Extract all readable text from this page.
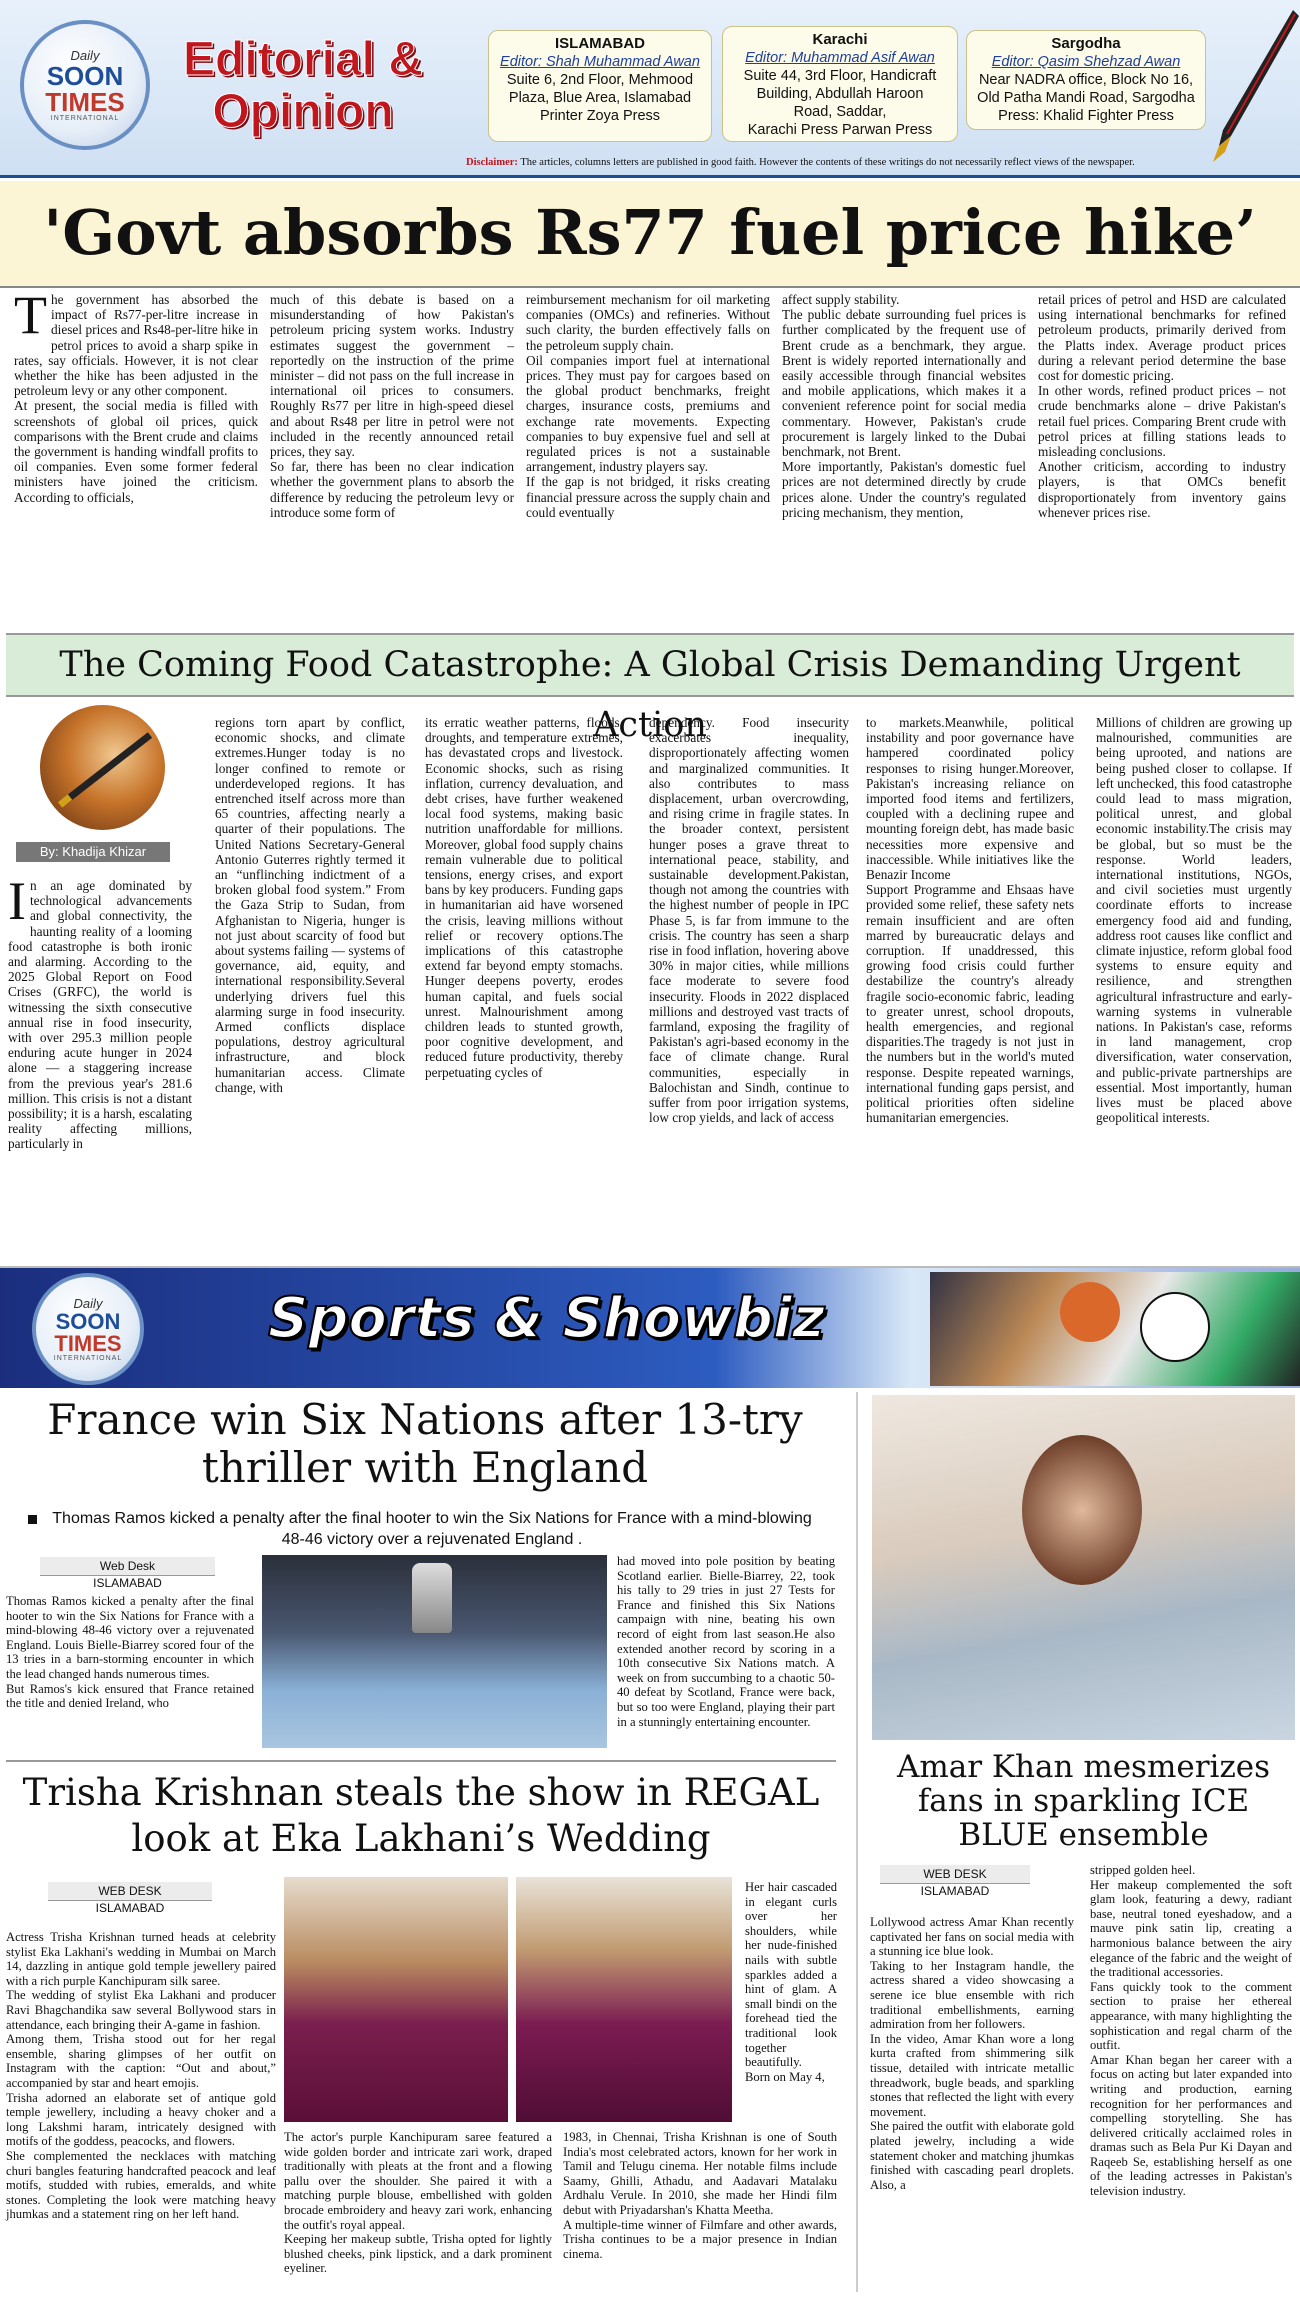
Daily
SOON
TIMES
INTERNATIONAL
Editorial &
Opinion
ISLAMABAD
Editor: Shah Muhammad Awan
Suite 6, 2nd Floor, Mehmood
Plaza, Blue Area, Islamabad
Printer Zoya Press
Karachi
Editor: Muhammad Asif Awan
Suite 44, 3rd Floor, Handicraft
Building, Abdullah Haroon
Road, Saddar,
Karachi Press Parwan Press
Sargodha
Editor: Qasim Shehzad Awan
Near NADRA office, Block No 16,
Old Patha Mandi Road, Sargodha
Press: Khalid Fighter Press
Disclaimer: The articles, columns letters are published in good faith. However the contents of these writings do not necessarily reflect views of the newspaper.
'Govt absorbs Rs77 fuel price hike’

The government has absorbed the impact of Rs77-per-litre increase in diesel prices and Rs48-per-litre hike in petrol prices to avoid a sharp spike in rates, say officials. However, it is not clear whether the hike has been adjusted in the petroleum levy or any other component.

At present, the social media is filled with screenshots of global oil prices, quick comparisons with the Brent crude and claims the government is handing windfall profits to oil companies. Even some former federal ministers have joined the criticism. According to officials,

much of this debate is based on a misunderstanding of how Pakistan's petroleum pricing system works. Industry estimates suggest the government – reportedly on the instruction of the prime minister – did not pass on the full increase in international oil prices to consumers. Roughly Rs77 per litre in high-speed diesel and about Rs48 per litre in petrol were not included in the recently announced retail prices, they say.

So far, there has been no clear indication whether the government plans to absorb the difference by reducing the petroleum levy or introduce some form of

reimbursement mechanism for oil marketing companies (OMCs) and refineries. Without such clarity, the burden effectively falls on the petroleum supply chain.

Oil companies import fuel at international prices. They must pay for cargoes based on the global product benchmarks, freight charges, insurance costs, premiums and exchange rate movements. Expecting companies to buy expensive fuel and sell at regulated prices is not a sustainable arrangement, industry players say.

If the gap is not bridged, it risks creating financial pressure across the supply chain and could eventually

affect supply stability.

The public debate surrounding fuel prices is further complicated by the frequent use of Brent crude as a benchmark, they argue. Brent is widely reported internationally and easily accessible through financial websites and mobile applications, which makes it a convenient reference point for social media commentary. However, Pakistan's crude procurement is largely linked to the Dubai benchmark, not Brent.

More importantly, Pakistan's domestic fuel prices are not determined directly by crude prices alone. Under the country's regulated pricing mechanism, they mention,

retail prices of petrol and HSD are calculated using international benchmarks for refined petroleum products, primarily derived from the Platts index. Average product prices during a relevant period determine the base cost for domestic pricing.

In other words, refined product prices – not crude benchmarks alone – drive Pakistan's retail fuel prices. Comparing Brent crude with petrol prices at filling stations leads to misleading conclusions.

Another criticism, according to industry players, is that OMCs benefit disproportionately from inventory gains whenever prices rise.

The Coming Food Catastrophe: A Global Crisis Demanding Urgent Action
By: Khadija Khizar

In an age dominated by technological advancements and global connectivity, the haunting reality of a looming food catastrophe is both ironic and alarming. According to the 2025 Global Report on Food Crises (GRFC), the world is witnessing the sixth consecutive annual rise in food insecurity, with over 295.3 million people enduring acute hunger in 2024 alone — a staggering increase from the previous year's 281.6 million. This crisis is not a distant possibility; it is a harsh, escalating reality affecting millions, particularly in

regions torn apart by conflict, economic shocks, and climate extremes.Hunger today is no longer confined to remote or underdeveloped regions. It has entrenched itself across more than 65 countries, affecting nearly a quarter of their populations. The United Nations Secretary-General Antonio Guterres rightly termed it an “unflinching indictment of a broken global food system.” From the Gaza Strip to Sudan, from Afghanistan to Nigeria, hunger is not just about scarcity of food but about systems failing — systems of governance, aid, equity, and international responsibility.Several underlying drivers fuel this alarming surge in food insecurity. Armed conflicts displace populations, destroy agricultural infrastructure, and block humanitarian access. Climate change, with

its erratic weather patterns, floods, droughts, and temperature extremes, has devastated crops and livestock. Economic shocks, such as rising inflation, currency devaluation, and debt crises, have further weakened local food systems, making basic nutrition unaffordable for millions. Moreover, global food supply chains remain vulnerable due to political tensions, energy crises, and export bans by key producers. Funding gaps in humanitarian aid have worsened the crisis, leaving millions without relief or recovery options.The implications of this catastrophe extend far beyond empty stomachs. Hunger deepens poverty, erodes human capital, and fuels social unrest. Malnourishment among children leads to stunted growth, poor cognitive development, and reduced future productivity, thereby perpetuating cycles of

dependency. Food insecurity exacerbates inequality, disproportionately affecting women and marginalized communities. It also contributes to mass displacement, urban overcrowding, and rising crime in fragile states. In the broader context, persistent hunger poses a grave threat to international peace, stability, and sustainable development.Pakistan, though not among the countries with the highest number of people in IPC Phase 5, is far from immune to the crisis. The country has seen a sharp rise in food inflation, hovering above 30% in major cities, while millions face moderate to severe food insecurity. Floods in 2022 displaced millions and destroyed vast tracts of farmland, exposing the fragility of Pakistan's agri-based economy in the face of climate change. Rural communities, especially in Balochistan and Sindh, continue to suffer from poor irrigation systems, low crop yields, and lack of access

to markets.Meanwhile, political instability and poor governance have hampered coordinated policy responses to rising hunger.Moreover, Pakistan's increasing reliance on imported food items and fertilizers, coupled with a declining rupee and mounting foreign debt, has made basic necessities more expensive and inaccessible. While initiatives like the Benazir Income

Support Programme and Ehsaas have provided some relief, these safety nets remain insufficient and are often marred by bureaucratic delays and corruption. If unaddressed, this growing food crisis could further destabilize the country's already fragile socio-economic fabric, leading to greater unrest, school dropouts, health emergencies, and regional disparities.The tragedy is not just in the numbers but in the world's muted response. Despite repeated warnings, international funding gaps persist, and political priorities often sideline humanitarian emergencies.

Millions of children are growing up malnourished, communities are being uprooted, and nations are being pushed closer to collapse. If left unchecked, this food catastrophe could lead to mass migration, political unrest, and global economic instability.The crisis may be global, but so must be the response. World leaders, international institutions, NGOs, and civil societies must urgently coordinate efforts to increase emergency food aid and funding, address root causes like conflict and climate injustice, reform global food systems to ensure equity and resilience, and strengthen agricultural infrastructure and early-warning systems in vulnerable nations. In Pakistan's case, reforms in land management, crop diversification, water conservation, and public-private partnerships are essential. Most importantly, human lives must be placed above geopolitical interests.

Daily
SOON
TIMES
INTERNATIONAL
Sports & Showbiz
France win Six Nations after 13-try thriller with England
Thomas Ramos kicked a penalty after the final hooter to win the Six Nations for France with a mind-blowing 48-46 victory over a rejuvenated England .
Web Desk
ISLAMABAD

Thomas Ramos kicked a penalty after the final hooter to win the Six Nations for France with a mind-blowing 48-46 victory over a rejuvenated England. Louis Bielle-Biarrey scored four of the 13 tries in a barn-storming encounter in which the lead changed hands numerous times.

But Ramos's kick ensured that France retained the title and denied Ireland, who

had moved into pole position by beating Scotland earlier. Bielle-Biarrey, 22, took his tally to 29 tries in just 27 Tests for France and finished this Six Nations campaign with nine, beating his own record of eight from last season.He also extended another record by scoring in a 10th consecutive Six Nations match. A week on from succumbing to a chaotic 50-40 defeat by Scotland, France were back, but so too were England, playing their part in a stunningly entertaining encounter.

Trisha Krishnan steals the show in REGAL look at Eka Lakhani’s Wedding
WEB DESK
ISLAMABAD

Actress Trisha Krishnan turned heads at celebrity stylist Eka Lakhani's wedding in Mumbai on March 14, dazzling in antique gold temple jewellery paired with a rich purple Kanchipuram silk saree.

The wedding of stylist Eka Lakhani and producer Ravi Bhagchandika saw several Bollywood stars in attendance, each bringing their A-game in fashion.

Among them, Trisha stood out for her regal ensemble, sharing glimpses of her outfit on Instagram with the caption: “Out and about,” accompanied by star and heart emojis.

Trisha adorned an elaborate set of antique gold temple jewellery, including a heavy choker and a long Lakshmi haram, intricately designed with motifs of the goddess, peacocks, and flowers.

She complemented the necklaces with matching churi bangles featuring handcrafted peacock and leaf motifs, studded with rubies, emeralds, and white stones. Completing the look were matching heavy jhumkas and a statement ring on her left hand.

Her hair cascaded in elegant curls over her shoulders, while her nude-finished nails with subtle sparkles added a hint of glam. A small bindi on the forehead tied the traditional look together beautifully.

Born on May 4,

The actor's purple Kanchipuram saree featured a wide golden border and intricate zari work, draped traditionally with pleats at the front and a flowing pallu over the shoulder. She paired it with a matching purple blouse, embellished with golden brocade embroidery and heavy zari work, enhancing the outfit's royal appeal.

Keeping her makeup subtle, Trisha opted for lightly blushed cheeks, pink lipstick, and a dark prominent eyeliner.

1983, in Chennai, Trisha Krishnan is one of South India's most celebrated actors, known for her work in Tamil and Telugu cinema. Her notable films include Saamy, Ghilli, Athadu, and Aadavari Matalaku Ardhalu Verule. In 2010, she made her Hindi film debut with Priyadarshan's Khatta Meetha.

A multiple-time winner of Filmfare and other awards, Trisha continues to be a major presence in Indian cinema.

Amar Khan mesmerizes fans in sparkling ICE BLUE ensemble
WEB DESK
ISLAMABAD

Lollywood actress Amar Khan recently captivated her fans on social media with a stunning ice blue look.

Taking to her Instagram handle, the actress shared a video showcasing a serene ice blue ensemble with rich traditional embellishments, earning admiration from her followers.

In the video, Amar Khan wore a long kurta crafted from shimmering silk tissue, detailed with intricate metallic threadwork, bugle beads, and sparkling stones that reflected the light with every movement.

She paired the outfit with elaborate gold plated jewelry, including a wide statement choker and matching jhumkas finished with cascading pearl droplets. Also, a

stripped golden heel.

Her makeup complemented the soft glam look, featuring a dewy, radiant base, neutral toned eyeshadow, and a mauve pink satin lip, creating a harmonious balance between the airy elegance of the fabric and the weight of the traditional accessories.

Fans quickly took to the comment section to praise her ethereal appearance, with many highlighting the sophistication and regal charm of the outfit.

Amar Khan began her career with a focus on acting but later expanded into writing and production, earning recognition for her performances and compelling storytelling. She has delivered critically acclaimed roles in dramas such as Bela Pur Ki Dayan and Raqeeb Se, establishing herself as one of the leading actresses in Pakistan's television industry.
